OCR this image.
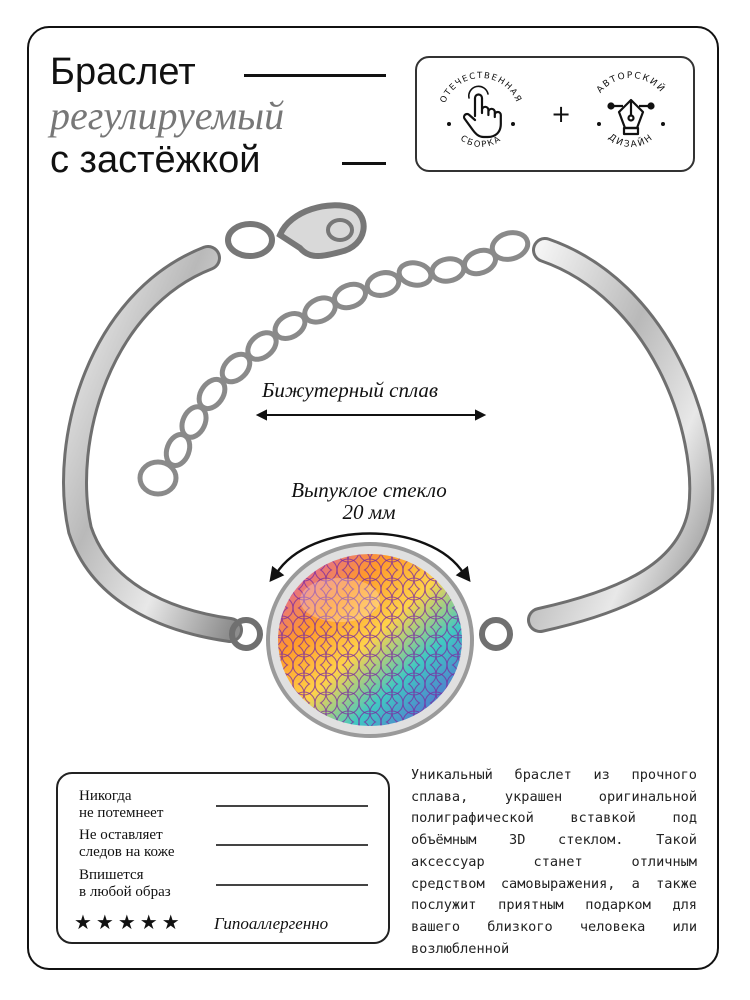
Браслет
регулируемый
с застёжкой
ОТЕЧЕСТВЕННАЯ
СБОРКА
+
АВТОРСКИЙ
ДИЗАЙН
Бижутерный сплав
Выпуклое стекло
20 мм
Никогда
не потемнеет
Не оставляет
следов на коже
Впишется
в любой образ
★★★★★ Гипоаллергенно
Уникальный браслет из прочного сплава, украшен оригинальной полиграфической вставкой под объёмным 3D стеклом. Такой аксессуар станет отличным средством самовыражения, а также послужит приятным подарком для вашего близкого человека или возлюбленной
